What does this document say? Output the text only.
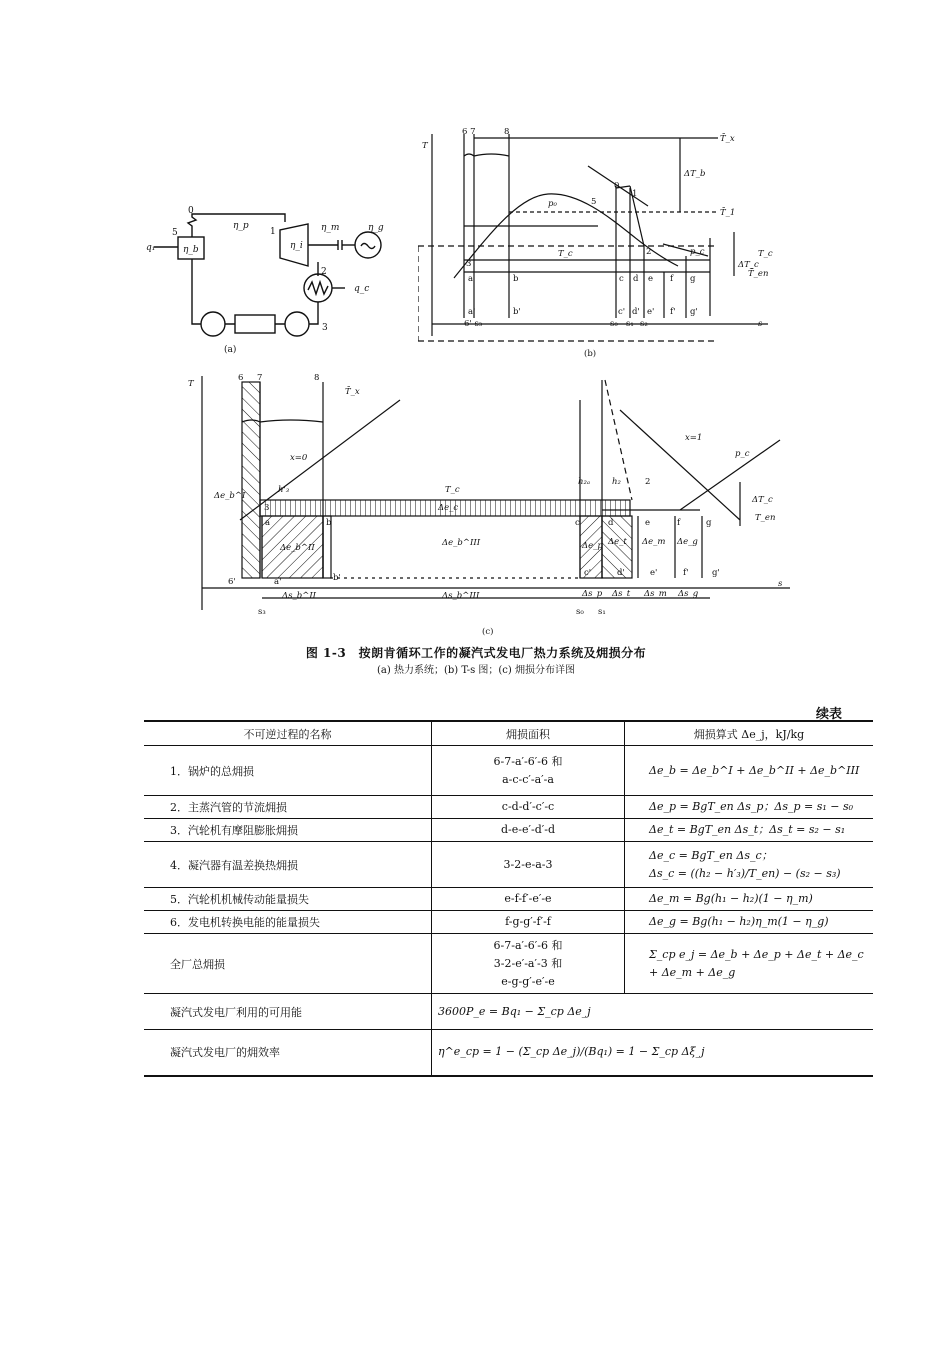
0
5
η_p
q₁	η_b
1	η_m	η_g
η_i
2
q_c
3
(a)
T
6 7	8
T̄_x
ΔT_b
T̄_1
p₀	5
0
1
T_c
3
2	p_c	T_c
ΔT_c
T̄_en
a	b	c d e f g
a'	b'	c' d' e' f' g'
6' s₃	s₀ s₁ s₂	s
(b)
T
6 7	8
T̄_x
x=0
h'₃
Δe_b^I
3
T_c
Δe_c
a	b	c	d	e	f	g
Δe_b^II	Δe_b^III	Δe_p Δe_t Δe_m Δe_g
h₂ₐ	h₂	2
x=1
p_c
ΔT_c
T_en
6'	a'	b'	c'	d'	e'	f'	g'
s₃
Δs_b^II	Δs_b^III
s₀
Δs_p
s₁
Δs_t Δs_m Δs_g
s
(c)
图 1-3　按朗肯循环工作的凝汽式发电厂热力系统及㶲损分布
(a) 热力系统；(b) T-s 图；(c) 㶲损分布详图
续表
不可逆过程的名称	㶲损面积	㶲损算式 Δe_j，kJ/kg
1．锅炉的总㶲损	6-7-a′-6′-6 和
a-c-c′-a′-a	Δe_b = Δe_b^I + Δe_b^II + Δe_b^III

2．主蒸汽管的节流㶲损	c-d-d′-c′-c	Δe_p = BgT_en Δs_p；Δs_p = s₁ − s₀

3．汽轮机有摩阻膨胀㶲损	d-e-e′-d′-d	Δe_t = BgT_en Δs_t；Δs_t = s₂ − s₁

4．凝汽器有温差换热㶲损	3-2-e-a-3	Δe_c = BgT_en Δs_c；
Δs_c = ((h₂ − h′₃)/T_en) − (s₂ − s₃)

5．汽轮机机械传动能量损失	e-f-f′-e′-e	Δe_m = Bg(h₁ − h₂)(1 − η_m)

6．发电机转换电能的能量损失	f-g-g′-f′-f	Δe_g = Bg(h₁ − h₂)η_m(1 − η_g)

全厂总㶲损	6-7-a′-6′-6 和
3-2-e′-a′-3 和
e-g-g′-e′-e	Σ_cp e_j = Δe_b + Δe_p + Δe_t + Δe_c + Δe_m + Δe_g

凝汽式发电厂利用的可用能	3600P_e = Bq₁ − Σ_cp Δe_j	

凝汽式发电厂的㶲效率	η^e_cp = 1 − (Σ_cp Δe_j)/(Bq₁) = 1 − Σ_cp Δξ_j	
